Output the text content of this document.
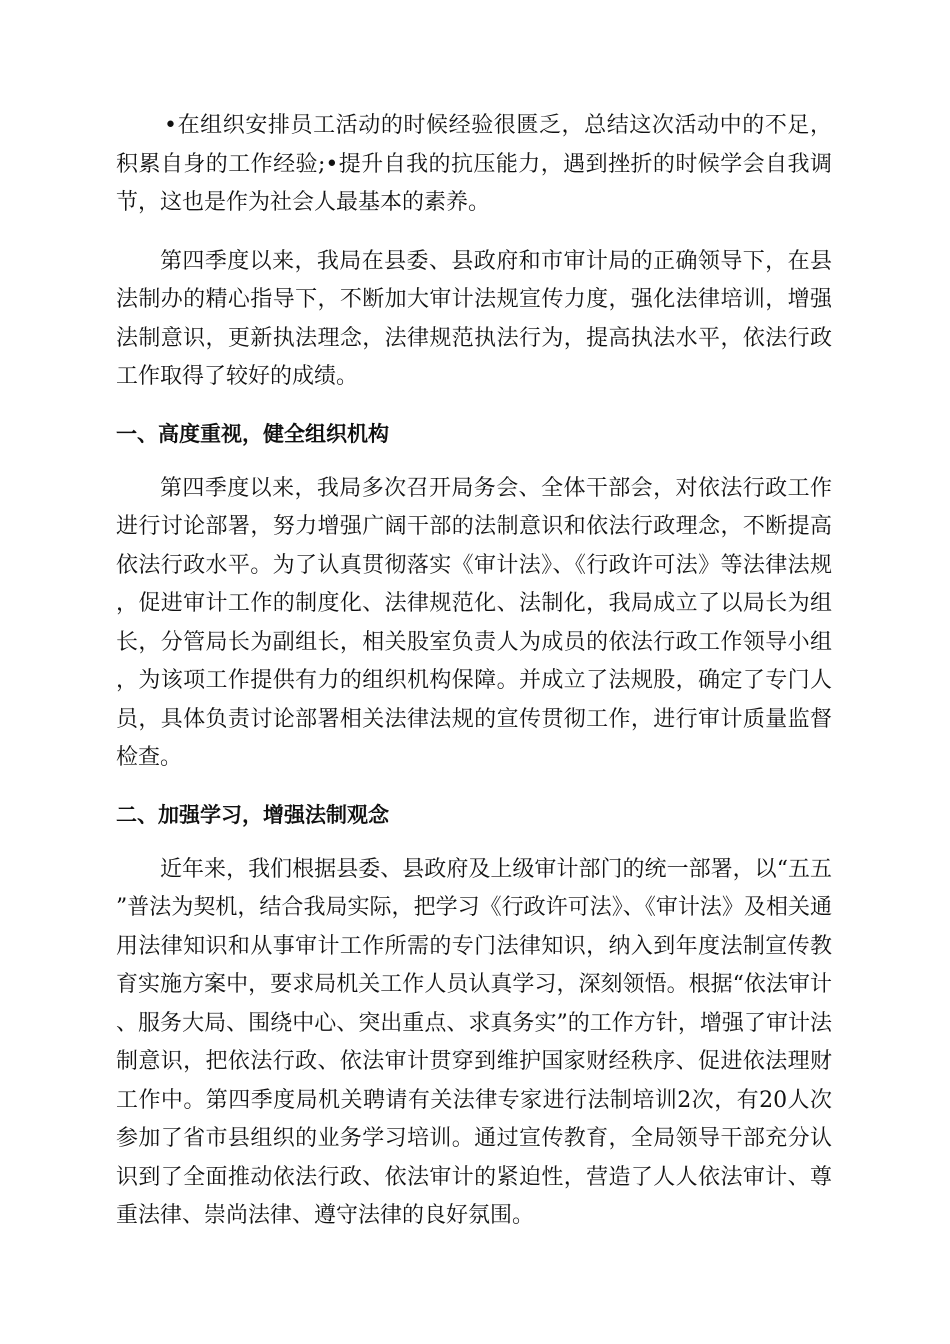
•在组织安排员工活动的时候经验很匮乏，总结这次活动中的不足，积累自身的工作经验;•提升自我的抗压能力，遇到挫折的时候学会自我调节，这也是作为社会人最基本的素养。

第四季度以来，我局在县委、县政府和市审计局的正确领导下，在县法制办的精心指导下，不断加大审计法规宣传力度，强化法律培训，增强法制意识，更新执法理念，法律规范执法行为，提高执法水平，依法行政工作取得了较好的成绩。

一、高度重视，健全组织机构

第四季度以来，我局多次召开局务会、全体干部会，对依法行政工作进行讨论部署，努力增强广阔干部的法制意识和依法行政理念，不断提高依法行政水平。为了认真贯彻落实《审计法》、《行政许可法》等法律法规，促进审计工作的制度化、法律规范化、法制化，我局成立了以局长为组长，分管局长为副组长，相关股室负责人为成员的依法行政工作领导小组，为该项工作提供有力的组织机构保障。并成立了法规股，确定了专门人员，具体负责讨论部署相关法律法规的宣传贯彻工作，进行审计质量监督检查。

二、加强学习，增强法制观念

近年来，我们根据县委、县政府及上级审计部门的统一部署，以“五五”普法为契机，结合我局实际，把学习《行政许可法》、《审计法》及相关通用法律知识和从事审计工作所需的专门法律知识，纳入到年度法制宣传教育实施方案中，要求局机关工作人员认真学习，深刻领悟。根据“依法审计、服务大局、围绕中心、突出重点、求真务实”的工作方针，增强了审计法制意识，把依法行政、依法审计贯穿到维护国家财经秩序、促进依法理财工作中。第四季度局机关聘请有关法律专家进行法制培训2次，有20人次参加了省市县组织的业务学习培训。通过宣传教育，全局领导干部充分认识到了全面推动依法行政、依法审计的紧迫性，营造了人人依法审计、尊重法律、崇尚法律、遵守法律的良好氛围。
